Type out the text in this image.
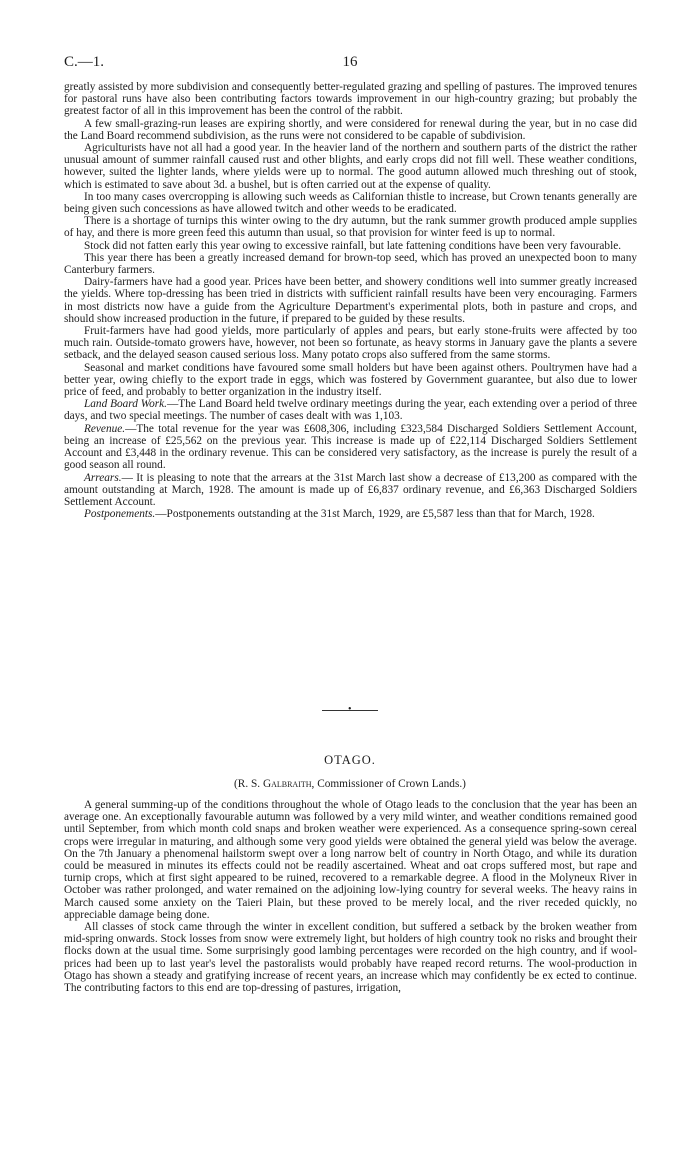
C.—1.	16

greatly assisted by more subdivision and consequently better-regulated grazing and spelling of pastures. The improved tenures for pastoral runs have also been contributing factors towards improvement in our high-country grazing; but probably the greatest factor of all in this improvement has been the control of the rabbit.

A few small-grazing-run leases are expiring shortly, and were considered for renewal during the year, but in no case did the Land Board recommend subdivision, as the runs were not considered to be capable of subdivision.

Agriculturists have not all had a good year. In the heavier land of the northern and southern parts of the district the rather unusual amount of summer rainfall caused rust and other blights, and early crops did not fill well. These weather conditions, however, suited the lighter lands, where yields were up to normal. The good autumn allowed much threshing out of stook, which is estimated to save about 3d. a bushel, but is often carried out at the expense of quality.

In too many cases overcropping is allowing such weeds as Californian thistle to increase, but Crown tenants generally are being given such concessions as have allowed twitch and other weeds to be eradicated.

There is a shortage of turnips this winter owing to the dry autumn, but the rank summer growth produced ample supplies of hay, and there is more green feed this autumn than usual, so that provision for winter feed is up to normal.

Stock did not fatten early this year owing to excessive rainfall, but late fattening conditions have been very favourable.

This year there has been a greatly increased demand for brown-top seed, which has proved an unexpected boon to many Canterbury farmers.

Dairy-farmers have had a good year. Prices have been better, and showery conditions well into summer greatly increased the yields. Where top-dressing has been tried in districts with sufficient rainfall results have been very encouraging. Farmers in most districts now have a guide from the Agriculture Department's experimental plots, both in pasture and crops, and should show increased production in the future, if prepared to be guided by these results.

Fruit-farmers have had good yields, more particularly of apples and pears, but early stone-fruits were affected by too much rain. Outside-tomato growers have, however, not been so fortunate, as heavy storms in January gave the plants a severe setback, and the delayed season caused serious loss. Many potato crops also suffered from the same storms.

Seasonal and market conditions have favoured some small holders but have been against others. Poultrymen have had a better year, owing chiefly to the export trade in eggs, which was fostered by Government guarantee, but also due to lower price of feed, and probably to better organization in the industry itself.

Land Board Work.—The Land Board held twelve ordinary meetings during the year, each extending over a period of three days, and two special meetings. The number of cases dealt with was 1,103.

Revenue.—The total revenue for the year was £608,306, including £323,584 Discharged Soldiers Settlement Account, being an increase of £25,562 on the previous year. This increase is made up of £22,114 Discharged Soldiers Settlement Account and £3,448 in the ordinary revenue. This can be considered very satisfactory, as the increase is purely the result of a good season all round.

Arrears.— It is pleasing to note that the arrears at the 31st March last show a decrease of £13,200 as compared with the amount outstanding at March, 1928. The amount is made up of £6,837 ordinary revenue, and £6,363 Discharged Soldiers Settlement Account.

Postponements.—Postponements outstanding at the 31st March, 1929, are £5,587 less than that for March, 1928.

•
OTAGO.
(R. S. Galbraith, Commissioner of Crown Lands.)

A general summing-up of the conditions throughout the whole of Otago leads to the conclusion that the year has been an average one. An exceptionally favourable autumn was followed by a very mild winter, and weather conditions remained good until September, from which month cold snaps and broken weather were experienced. As a consequence spring-sown cereal crops were irregular in maturing, and although some very good yields were obtained the general yield was below the average. On the 7th January a phenomenal hailstorm swept over a long narrow belt of country in North Otago, and while its duration could be measured in minutes its effects could not be readily ascertained. Wheat and oat crops suffered most, but rape and turnip crops, which at first sight appeared to be ruined, recovered to a remarkable degree. A flood in the Molyneux River in October was rather prolonged, and water remained on the adjoining low-lying country for several weeks. The heavy rains in March caused some anxiety on the Taieri Plain, but these proved to be merely local, and the river receded quickly, no appreciable damage being done.

All classes of stock came through the winter in excellent condition, but suffered a setback by the broken weather from mid-spring onwards. Stock losses from snow were extremely light, but holders of high country took no risks and brought their flocks down at the usual time. Some surprisingly good lambing percentages were recorded on the high country, and if wool-prices had been up to last year's level the pastoralists would probably have reaped record returns. The wool-production in Otago has shown a steady and gratifying increase of recent years, an increase which may confidently be ex ected to continue. The contributing factors to this end are top-dressing of pastures, irrigation,
